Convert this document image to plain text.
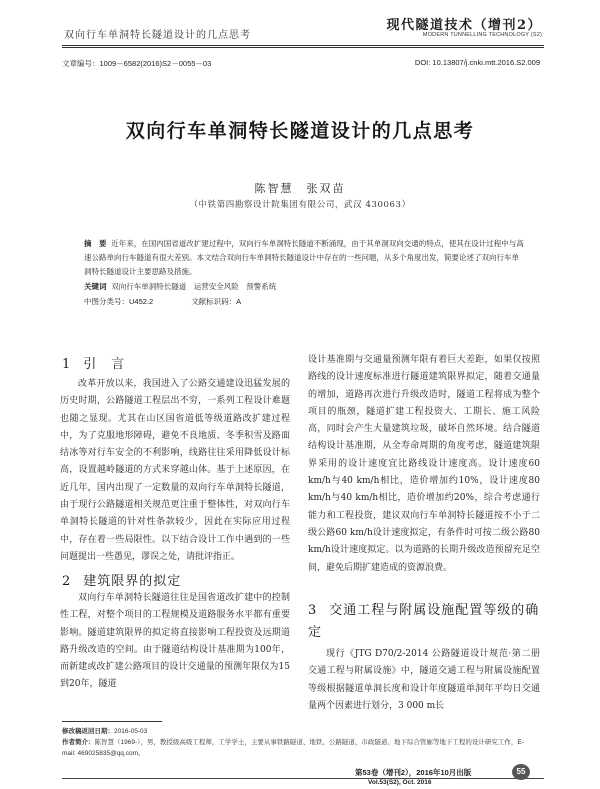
双向行车单洞特长隧道设计的几点思考
现代隧道技术（增刊2）
MODERN TUNNELLING TECHNOLOGY (S2)
文章编号：1009－6582(2016)S2－0055－03	DOI: 10.13807/j.cnki.mtt.2016.S2.009
双向行车单洞特长隧道设计的几点思考
陈智慧　张双苗
（中铁第四勘察设计院集团有限公司，武汉 430063）
摘　要 近年来，在国内国省道改扩建过程中，双向行车单洞特长隧道不断涌现，由于其单洞双向交通的特点，使其在设计过程中与高速公路单向行车隧道有很大差别。本文结合双向行车单洞特长隧道设计中存在的一些问题，从多个角度出发，简要论述了双向行车单洞特长隧道设计主要思路及措施。
关键词 双向行车单洞特长隧道　运营安全风险　预警系统
中图分类号：U452.2	文献标识码：A
1 引　言
改革开放以来，我国进入了公路交通建设迅猛发展的历史时期，公路隧道工程层出不穷，一系列工程设计难题也随之显现。尤其在山区国省道低等级道路改扩建过程中，为了克服地形障碍，避免不良地质、冬季积雪及路面结冰等对行车安全的不利影响，线路往往采用降低设计标高，设置越岭隧道的方式来穿越山体。基于上述原因，在近几年，国内出现了一定数量的双向行车单洞特长隧道，由于现行公路隧道相关规范更注重于整体性，对双向行车单洞特长隧道的针对性条款较少，因此在实际应用过程中，存在着一些局限性。以下结合设计工作中遇到的一些问题提出一些愚见，谬误之处，请批评指正。
2 建筑限界的拟定
双向行车单洞特长隧道往往是国省道改扩建中的控制性工程，对整个项目的工程规模及道路服务水平都有重要影响。隧道建筑限界的拟定将直接影响工程投资及远期道路升级改造的空间。由于隧道结构设计基准期为100年，而新建或改扩建公路项目的设计交通量的预测年限仅为15到20年，隧道
设计基准期与交通量预测年限有着巨大差距，如果仅按照路线的设计速度标准进行隧道建筑限界拟定，随着交通量的增加，道路再次进行升级改造时，隧道工程将成为整个项目的瓶颈，隧道扩建工程投资大、工期长、施工风险高，同时会产生大量建筑垃圾，破坏自然环境。结合隧道结构设计基准期，从全寿命周期的角度考虑，隧道建筑限界采用的设计速度宜比路线设计速度高。设计速度60 km/h与40 km/h相比，造价增加约10%，设计速度80 km/h与40 km/h相比，造价增加约20%，综合考虑通行能力和工程投资，建议双向行车单洞特长隧道按不小于二级公路60 km/h设计速度拟定，有条件时可按二级公路80 km/h设计速度拟定。以为道路的长期升级改造预留充足空间，避免后期扩建造成的资源浪费。
3 交通工程与附属设施配置等级的确定
现行《JTG D70/2-2014 公路隧道设计规范·第二册 交通工程与附属设施》中，隧道交通工程与附属设施配置等级根据隧道单洞长度和设计年度隧道单洞年平均日交通量两个因素进行划分，3 000 m长
修改稿返回日期：2016-05-03
作者简介：陈智慧（1969-），男，教授级高级工程师，工学学士，主要从事铁路隧道、地铁、公路隧道、市政隧道、地下综合管廊等地下工程的设计研究工作，E-mail: 469025835@qq.com。
第53卷（增刊2），2016年10月出版
Vol.53(S2), Oct. 2016
55
